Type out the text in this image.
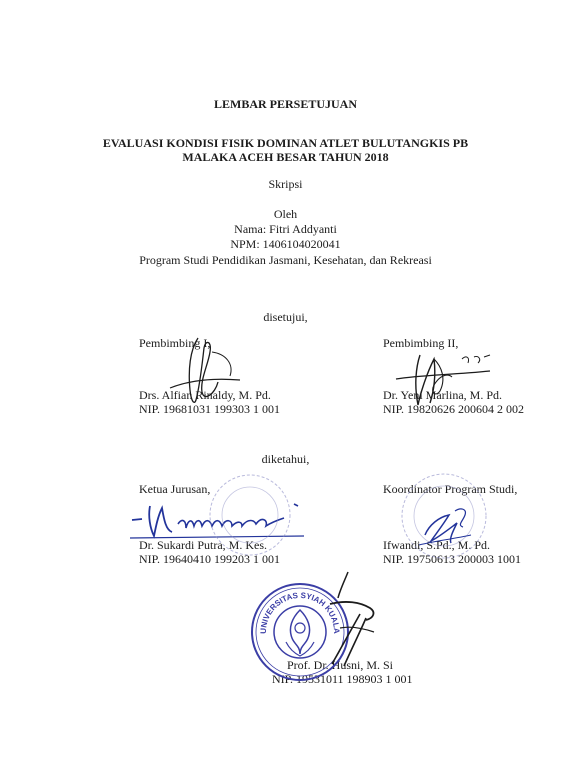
LEMBAR PERSETUJUAN
EVALUASI KONDISI FISIK DOMINAN ATLET BULUTANGKIS PB
MALAKA ACEH BESAR TAHUN 2018
Skripsi
Oleh
Nama: Fitri Addyanti
NPM: 1406104020041
Program Studi Pendidikan Jasmani, Kesehatan, dan Rekreasi
disetujui,
Pembimbing I,
Drs. Alfian Rinaldy, M. Pd.
NIP. 19681031 199303 1 001
Pembimbing II,
Dr. Yeni Marlina, M. Pd.
NIP. 19820626 200604 2 002
diketahui,
Ketua Jurusan,
Dr. Sukardi Putra, M. Kes.
NIP. 19640410 199203 1 001
Koordinator Program Studi,
Ifwandi, S.Pd., M. Pd.
NIP. 19750613 200003 1001
Prof. Dr. Husni, M. Si
NIP. 19531011 198903 1 001
UNIVERSITAS SYIAH KUALA
